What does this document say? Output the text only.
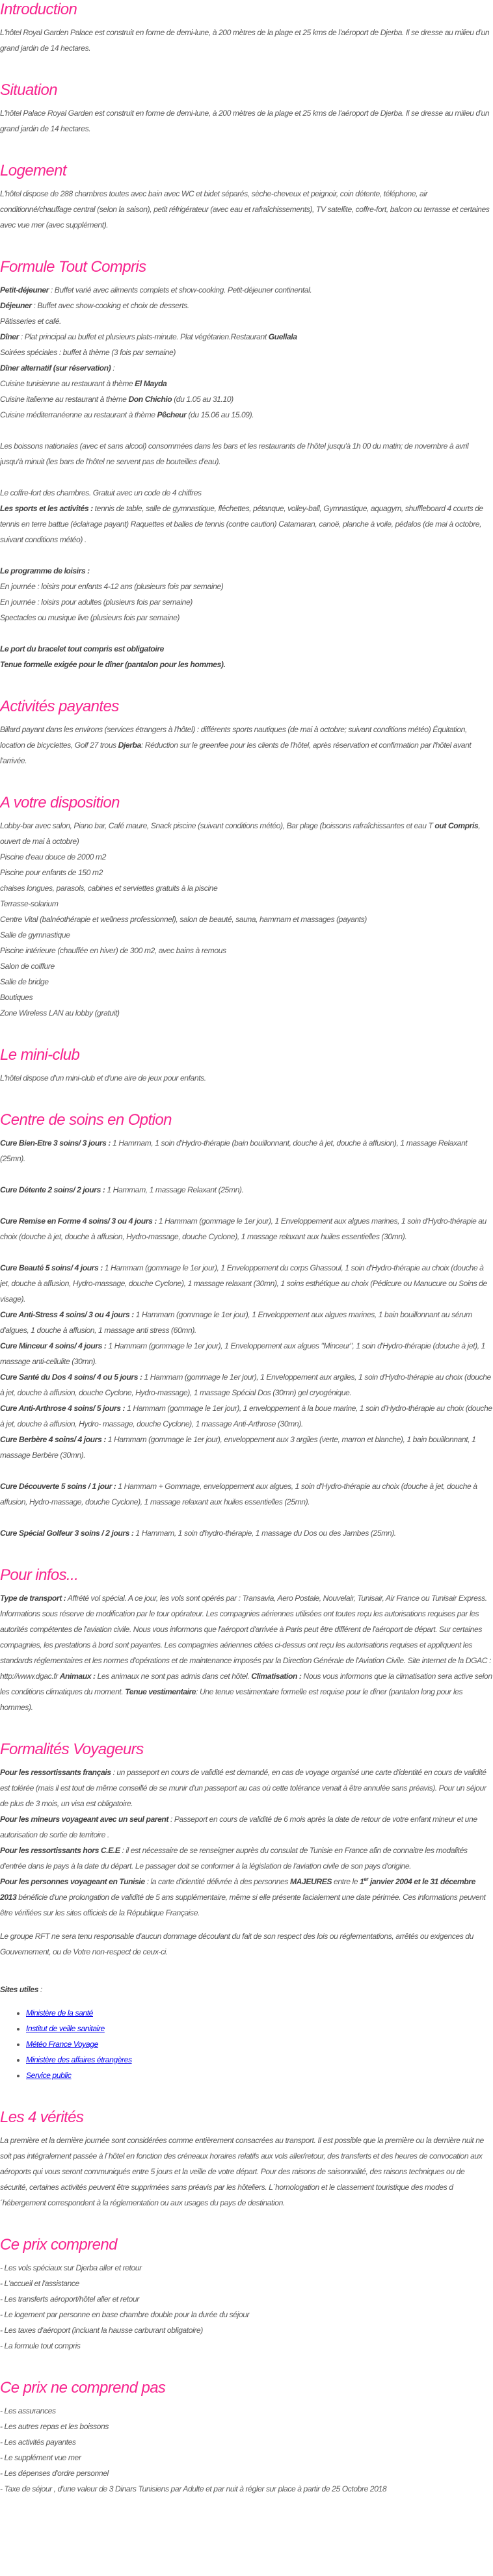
Introduction

L'hôtel Royal Garden Palace est construit en forme de demi-lune, à 200 mètres de la plage et 25 kms de l'aéroport de Djerba. Il se dresse au milieu d'un grand jardin de 14 hectares.

Situation

L'hôtel Palace Royal Garden est construit en forme de demi-lune, à 200 mètres de la plage et 25 kms de l'aéroport de Djerba. Il se dresse au milieu d'un grand jardin de 14 hectares.

Logement

L'hôtel dispose de 288 chambres toutes avec bain avec WC et bidet séparés, sèche-cheveux et peignoir, coin détente, téléphone, air conditionné/chauffage central (selon la saison), petit réfrigérateur (avec eau et rafraîchissements), TV satellite, coffre-fort, balcon ou terrasse et certaines avec vue mer (avec supplément).

Formule Tout Compris

Petit-déjeuner : Buffet varié avec aliments complets et show-cooking. Petit-déjeuner continental.

Déjeuner : Buffet avec show-cooking et choix de desserts.

Pâtisseries et café.

Dîner : Plat principal au buffet et plusieurs plats-minute. Plat végétarien.Restaurant Guellala

Soirées spéciales : buffet à thème (3 fois par semaine)

Dîner alternatif (sur réservation) :

Cuisine tunisienne au restaurant à thème El Mayda

Cuisine italienne au restaurant à thème Don Chichio (du 1.05 au 31.10)

Cuisine méditerranéenne au restaurant à thème Pêcheur (du 15.06 au 15.09).

Les boissons nationales (avec et sans alcool) consommées dans les bars et les restaurants de l'hôtel jusqu'à 1h 00 du matin; de novembre à avril jusqu'à minuit (les bars de l'hôtel ne servent pas de bouteilles d'eau).

Le coffre-fort des chambres. Gratuit avec un code de 4 chiffres

Les sports et les activités : tennis de table, salle de gymnastique, fléchettes, pétanque, volley-ball, Gymnastique, aquagym, shuffleboard 4 courts de tennis en terre battue (éclairage payant) Raquettes et balles de tennis (contre caution) Catamaran, canoë, planche à voile, pédalos (de mai à octobre, suivant conditions météo) .

Le programme de loisirs :

En journée : loisirs pour enfants 4-12 ans (plusieurs fois par semaine)

En journée : loisirs pour adultes (plusieurs fois par semaine)

Spectacles ou musique live (plusieurs fois par semaine)

Le port du bracelet tout compris est obligatoire

Tenue formelle exigée pour le dîner (pantalon pour les hommes).

Activités payantes

Billard payant dans les environs (services étrangers à l'hôtel) : différents sports nautiques (de mai à octobre; suivant conditions météo) Équitation, location de bicyclettes, Golf 27 trous Djerba: Réduction sur le greenfee pour les clients de l'hôtel, après réservation et confirmation par l'hôtel avant l'arrivée.

A votre disposition

Lobby-bar avec salon, Piano bar, Café maure, Snack piscine (suivant conditions météo), Bar plage (boissons rafraîchissantes et eau T out Compris, ouvert de mai à octobre)

Piscine d'eau douce de 2000 m2

Piscine pour enfants de 150 m2

chaises longues, parasols, cabines et serviettes gratuits à la piscine

Terrasse-solarium

Centre Vital (balnéothérapie et wellness professionnel), salon de beauté, sauna, hammam et massages (payants)

Salle de gymnastique

Piscine intérieure (chauffée en hiver) de 300 m2, avec bains à remous

Salon de coiffure

Salle de bridge

Boutiques

Zone Wireless LAN au lobby (gratuit)

Le mini-club

L'hôtel dispose d'un mini-club et d'une aire de jeux pour enfants.

Centre de soins en Option

Cure Bien-Etre 3 soins/ 3 jours : 1 Hammam, 1 soin d'Hydro-thérapie (bain bouillonnant, douche à jet, douche à affusion), 1 massage Relaxant (25mn).

Cure Détente 2 soins/ 2 jours : 1 Hammam, 1 massage Relaxant (25mn).

Cure Remise en Forme 4 soins/ 3 ou 4 jours : 1 Hammam (gommage le 1er jour), 1 Enveloppement aux algues marines, 1 soin d'Hydro-thérapie au choix (douche à jet, douche à affusion, Hydro-massage, douche Cyclone), 1 massage relaxant aux huiles essentielles (30mn).

Cure Beauté 5 soins/ 4 jours : 1 Hammam (gommage le 1er jour), 1 Enveloppement du corps Ghassoul, 1 soin d'Hydro-thérapie au choix (douche à jet, douche à affusion, Hydro-massage, douche Cyclone), 1 massage relaxant (30mn), 1 soins esthétique au choix (Pédicure ou Manucure ou Soins de visage).

Cure Anti-Stress 4 soins/ 3 ou 4 jours : 1 Hammam (gommage le 1er jour), 1 Enveloppement aux algues marines, 1 bain bouillonnant au sérum d'algues, 1 douche à affusion, 1 massage anti stress (60mn).

Cure Minceur 4 soins/ 4 jours : 1 Hammam (gommage le 1er jour), 1 Enveloppement aux algues "Minceur", 1 soin d'Hydro-thérapie (douche à jet), 1 massage anti-cellulite (30mn).

Cure Santé du Dos 4 soins/ 4 ou 5 jours : 1 Hammam (gommage le 1er jour), 1 Enveloppement aux argiles, 1 soin d'Hydro-thérapie au choix (douche à jet, douche à affusion, douche Cyclone, Hydro-massage), 1 massage Spécial Dos (30mn) gel cryogénique.

Cure Anti-Arthrose 4 soins/ 5 jours : 1 Hammam (gommage le 1er jour), 1 enveloppement à la boue marine, 1 soin d'Hydro-thérapie au choix (douche à jet, douche à affusion, Hydro- massage, douche Cyclone), 1 massage Anti-Arthrose (30mn).

Cure Berbère 4 soins/ 4 jours : 1 Hammam (gommage le 1er jour), enveloppement aux 3 argiles (verte, marron et blanche), 1 bain bouillonnant, 1 massage Berbère (30mn).

Cure Découverte 5 soins / 1 jour : 1 Hammam + Gommage, enveloppement aux algues, 1 soin d'Hydro-thérapie au choix (douche à jet, douche à affusion, Hydro-massage, douche Cyclone), 1 massage relaxant aux huiles essentielles (25mn).

Cure Spécial Golfeur 3 soins / 2 jours : 1 Hammam, 1 soin d'hydro-thérapie, 1 massage du Dos ou des Jambes (25mn).

Pour infos...

Type de transport : Affrété vol spécial. A ce jour, les vols sont opérés par : Transavia, Aero Postale, Nouvelair, Tunisair, Air France ou Tunisair Express. Informations sous réserve de modification par le tour opérateur. Les compagnies aériennes utilisées ont toutes reçu les autorisations requises par les autorités compétentes de l'aviation civile. Nous vous informons que l'aéroport d'arrivée à Paris peut être différent de l'aéroport de départ. Sur certaines compagnies, les prestations à bord sont payantes. Les compagnies aériennes citées ci-dessus ont reçu les autorisations requises et appliquent les standards réglementaires et les normes d'opérations et de maintenance imposés par la Direction Générale de l'Aviation Civile. Site internet de la DGAC : http://www.dgac.fr Animaux : Les animaux ne sont pas admis dans cet hôtel. Climatisation : Nous vous informons que la climatisation sera active selon les conditions climatiques du moment. Tenue vestimentaire: Une tenue vestimentaire formelle est requise pour le dîner (pantalon long pour les hommes).

Formalités Voyageurs

Pour les ressortissants français : un passeport en cours de validité est demandé, en cas de voyage organisé une carte d'identité en cours de validité est tolérée (mais il est tout de même conseillé de se munir d'un passeport au cas où cette tolérance venait à être annulée sans préavis). Pour un séjour de plus de 3 mois, un visa est obligatoire.

Pour les mineurs voyageant avec un seul parent : Passeport en cours de validité de 6 mois après la date de retour de votre enfant mineur et une autorisation de sortie de territoire .

Pour les ressortissants hors C.E.E : il est nécessaire de se renseigner auprès du consulat de Tunisie en France afin de connaitre les modalités d'entrée dans le pays à la date du départ. Le passager doit se conformer à la législation de l'aviation civile de son pays d'origine.

Pour les personnes voyageant en Tunisie : la carte d'identité délivrée à des personnes MAJEURES entre le 1er janvier 2004 et le 31 décembre 2013 bénéficie d'une prolongation de validité de 5 ans supplémentaire, même si elle présente facialement une date périmée. Ces informations peuvent être vérifiées sur les sites officiels de la République Française.

Le groupe RFT ne sera tenu responsable d'aucun dommage découlant du fait de son respect des lois ou réglementations, arrêtés ou exigences du Gouvernement, ou de Votre non-respect de ceux-ci.

Sites utiles :

• Ministère de la santé
• Institut de veille sanitaire
• Météo France Voyage
• Ministère des affaires étrangères
• Service public
Les 4 vérités

La première et la dernière journée sont considérées comme entièrement consacrées au transport. Il est possible que la première ou la dernière nuit ne soit pas intégralement passée à l´hôtel en fonction des créneaux horaires relatifs aux vols aller/retour, des transferts et des heures de convocation aux aéroports qui vous seront communiqués entre 5 jours et la veille de votre départ. Pour des raisons de saisonnalité, des raisons techniques ou de sécurité, certaines activités peuvent être supprimées sans préavis par les hôteliers. L´homologation et le classement touristique des modes d´hébergement correspondent à la réglementation ou aux usages du pays de destination.

Ce prix comprend

- Les vols spéciaux sur Djerba aller et retour

- L'accueil et l'assistance

- Les transferts aéroport/hôtel aller et retour

- Le logement par personne en base chambre double pour la durée du séjour

- Les taxes d'aéroport (incluant la hausse carburant obligatoire)

- La formule tout compris

Ce prix ne comprend pas

- Les assurances

- Les autres repas et les boissons

- Les activités payantes

- Le supplément vue mer

- Les dépenses d'ordre personnel

- Taxe de séjour , d'une valeur de 3 Dinars Tunisiens par Adulte et par nuit à régler sur place à partir de 25 Octobre 2018
